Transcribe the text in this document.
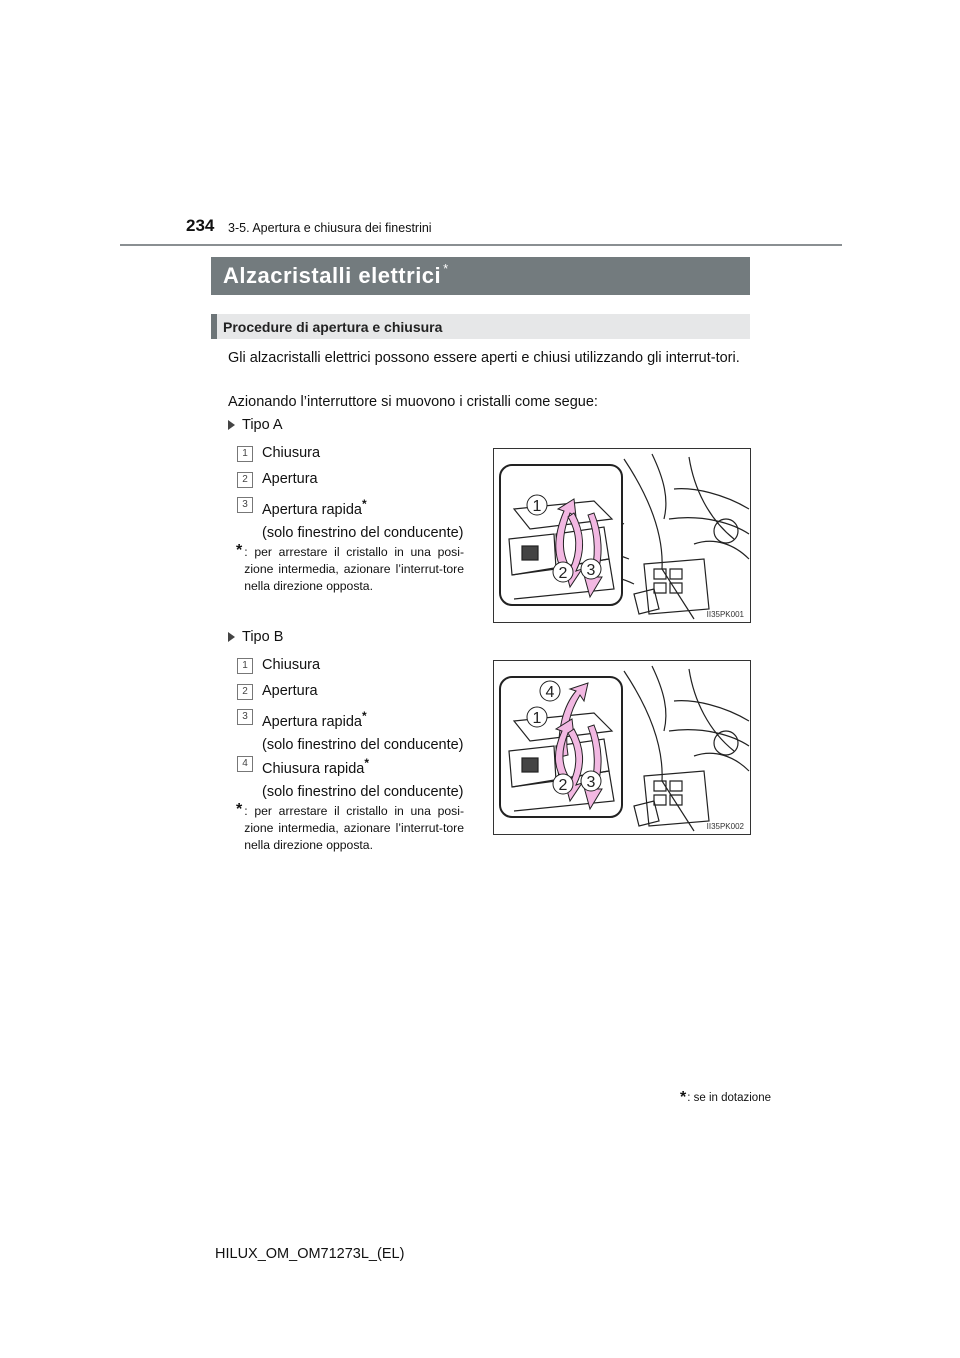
234 3-5. Apertura e chiusura dei finestrini
Alzacristalli elettrici*
Procedure di apertura e chiusura
Gli alzacristalli elettrici possono essere aperti e chiusi utilizzando gli interrut-tori.
Azionando l’interruttore si muovono i cristalli come segue:
Tipo A
1 Chiusura
2 Apertura
3 Apertura rapida*
(solo finestrino del conducente)
* : per arrestare il cristallo in una posi-zione intermedia, azionare l’interrut-tore nella direzione opposta.
1
2 3
II35PK001
Tipo B
1 Chiusura
2 Apertura
3 Apertura rapida*
(solo finestrino del conducente)
4 Chiusura rapida*
(solo finestrino del conducente)
* : per arrestare il cristallo in una posi-zione intermedia, azionare l’interrut-tore nella direzione opposta.
4
1
2 3
II35PK002
* : se in dotazione
HILUX_OM_OM71273L_(EL)
